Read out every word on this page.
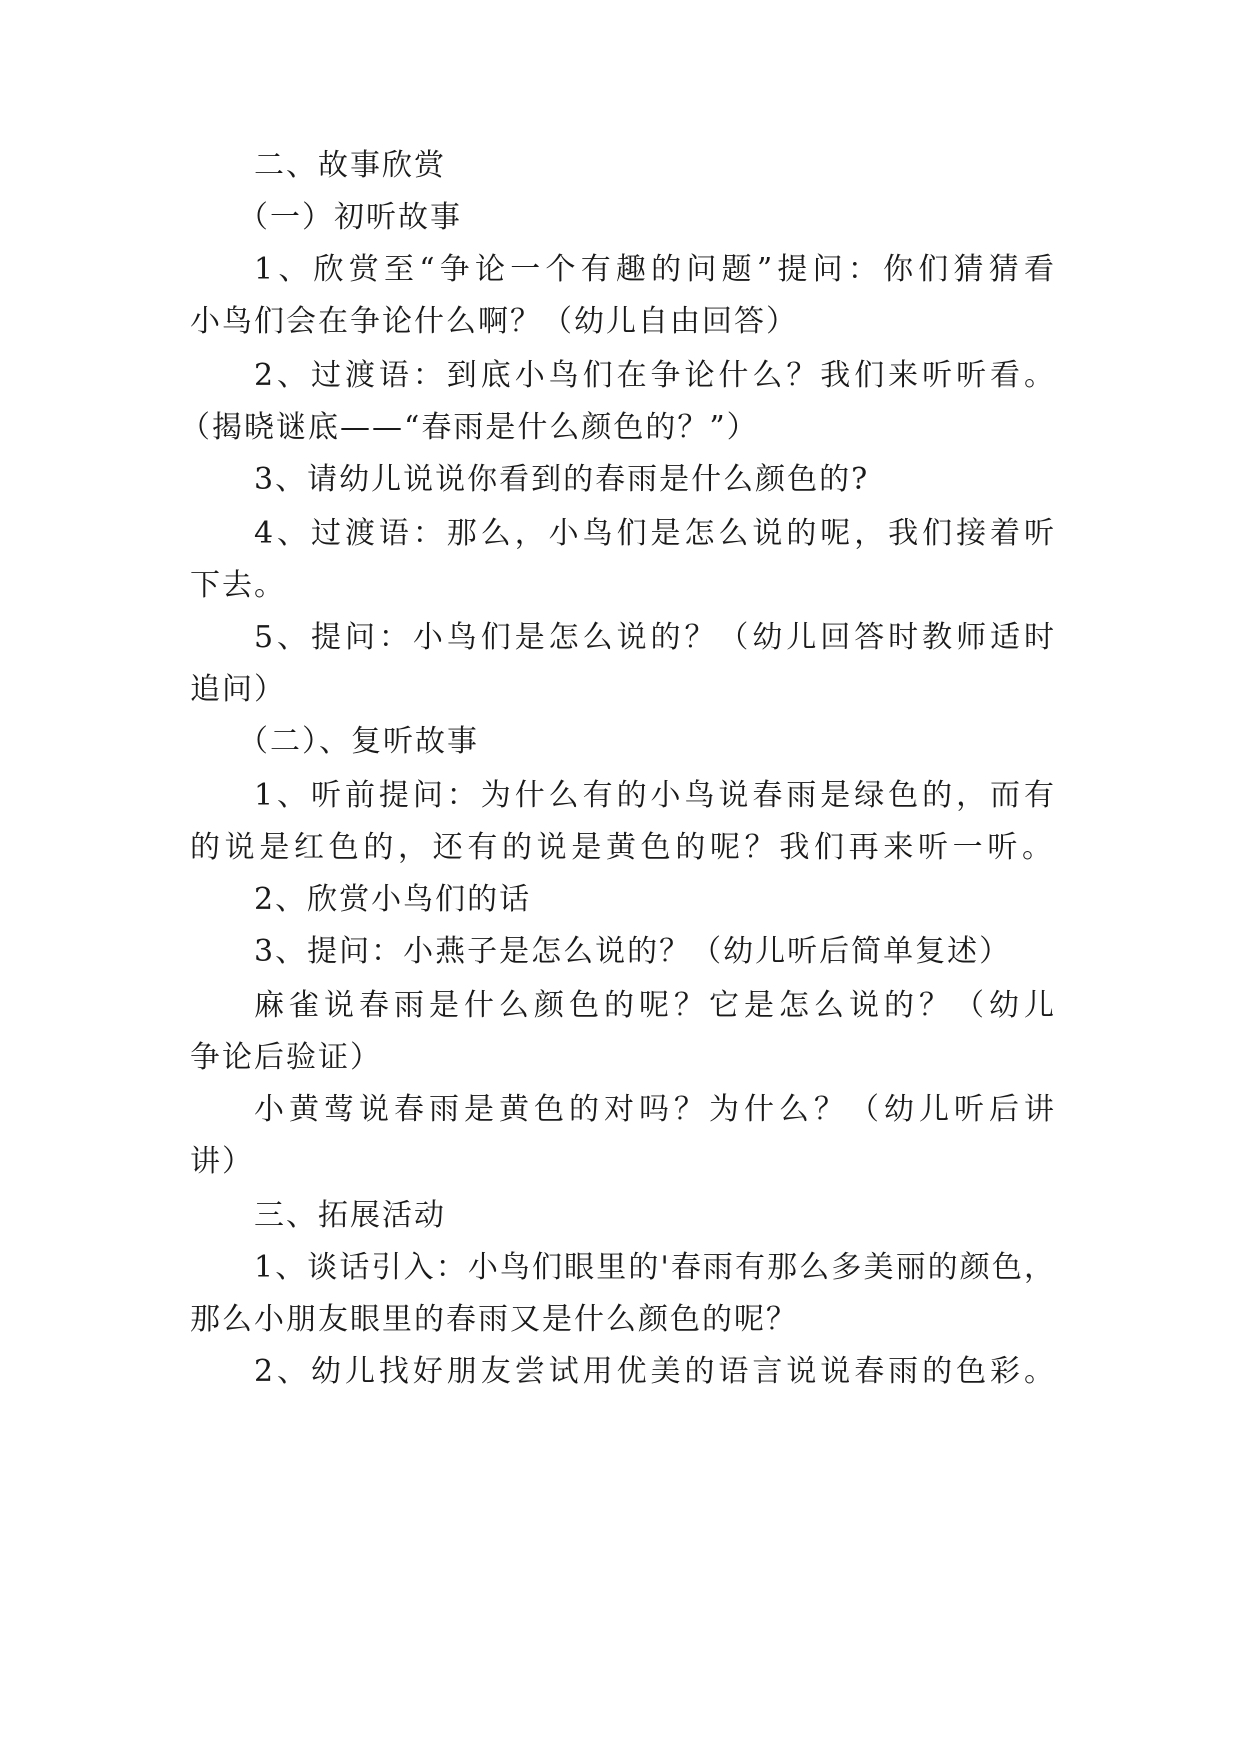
二、故事欣赏
（一）初听故事
1、欣赏至“争论一个有趣的问题”提问：你们猜猜看
小鸟们会在争论什么啊？（幼儿自由回答）
2、过渡语：到底小鸟们在争论什么？我们来听听看。
（揭晓谜底——“春雨是什么颜色的？”）
3、请幼儿说说你看到的春雨是什么颜色的?
4、过渡语：那么，小鸟们是怎么说的呢，我们接着听
下去。
5、提问：小鸟们是怎么说的？（幼儿回答时教师适时
追问）
（二）、复听故事
1、听前提问：为什么有的小鸟说春雨是绿色的，而有
的说是红色的，还有的说是黄色的呢？我们再来听一听。
2、欣赏小鸟们的话
3、提问：小燕子是怎么说的？（幼儿听后简单复述）
麻雀说春雨是什么颜色的呢？它是怎么说的？（幼儿
争论后验证）
小黄莺说春雨是黄色的对吗？为什么？（幼儿听后讲
讲）
三、拓展活动
1、谈话引入：小鸟们眼里的'春雨有那么多美丽的颜色，
那么小朋友眼里的春雨又是什么颜色的呢？
2、幼儿找好朋友尝试用优美的语言说说春雨的色彩。
